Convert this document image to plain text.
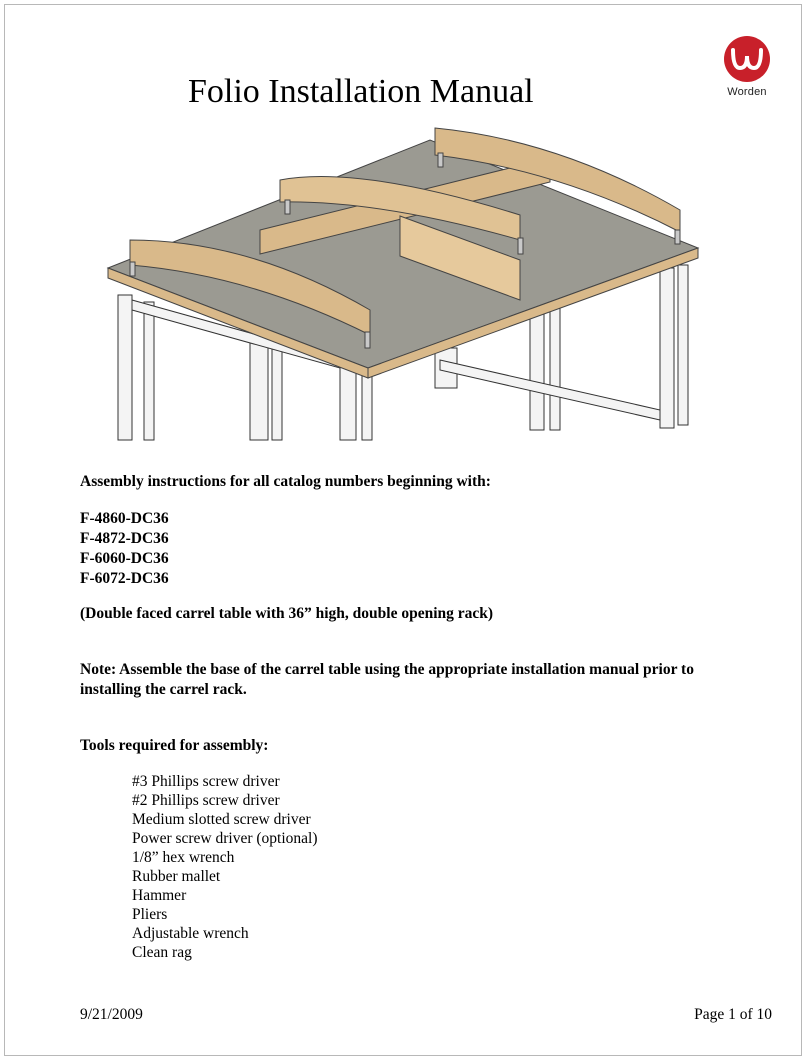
Folio Installation Manual	Worden
Assembly instructions for all catalog numbers beginning with:
F-4860-DC36
F-4872-DC36
F-6060-DC36
F-6072-DC36
(Double faced carrel table with 36” high, double opening rack)
Note: Assemble the base of the carrel table using the appropriate installation manual prior to
installing the carrel rack.
Tools required for assembly:
#3 Phillips screw driver
#2 Phillips screw driver
Medium slotted screw driver
Power screw driver (optional)
1/8” hex wrench
Rubber mallet
Hammer
Pliers
Adjustable wrench
Clean rag
9/21/2009	Page 1 of 10
